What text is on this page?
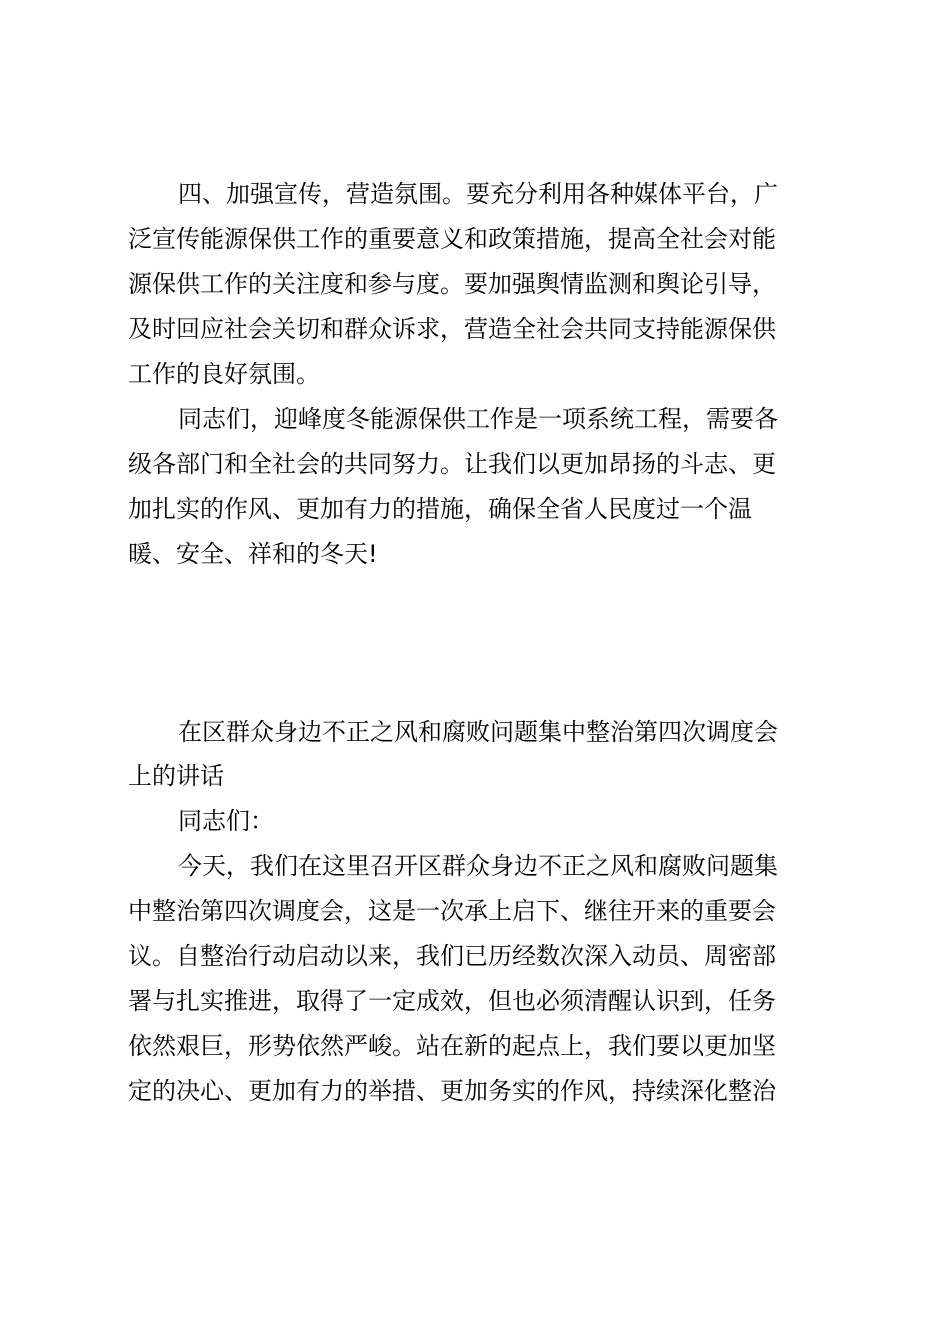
四、加强宣传，营造氛围。要充分利用各种媒体平台，广
泛宣传能源保供工作的重要意义和政策措施，提高全社会对能
源保供工作的关注度和参与度。要加强舆情监测和舆论引导，
及时回应社会关切和群众诉求，营造全社会共同支持能源保供
工作的良好氛围。
同志们，迎峰度冬能源保供工作是一项系统工程，需要各
级各部门和全社会的共同努力。让我们以更加昂扬的斗志、更
加扎实的作风、更加有力的措施，确保全省人民度过一个温
暖、安全、祥和的冬天!
在区群众身边不正之风和腐败问题集中整治第四次调度会
上的讲话
同志们：
今天，我们在这里召开区群众身边不正之风和腐败问题集
中整治第四次调度会，这是一次承上启下、继往开来的重要会
议。自整治行动启动以来，我们已历经数次深入动员、周密部
署与扎实推进，取得了一定成效，但也必须清醒认识到，任务
依然艰巨，形势依然严峻。站在新的起点上，我们要以更加坚
定的决心、更加有力的举措、更加务实的作风，持续深化整治
